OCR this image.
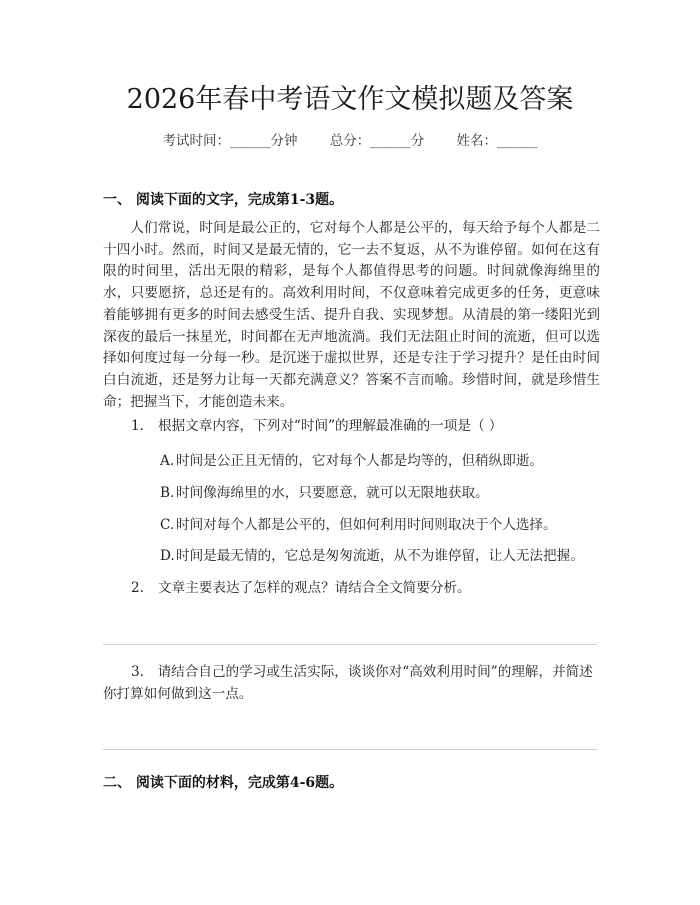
2026年春中考语文作文模拟题及答案
考试时间：______分钟 总分：______分 姓名：______
一、 阅读下面的文字，完成第1-3题。

人们常说，时间是最公正的，它对每个人都是公平的，每天给予每个人都是二十四小时。然而，时间又是最无情的，它一去不复返，从不为谁停留。如何在这有限的时间里，活出无限的精彩，是每个人都值得思考的问题。时间就像海绵里的水，只要愿挤，总还是有的。高效利用时间，不仅意味着完成更多的任务，更意味着能够拥有更多的时间去感受生活、提升自我、实现梦想。从清晨的第一缕阳光到深夜的最后一抹星光，时间都在无声地流淌。我们无法阻止时间的流逝，但可以选择如何度过每一分每一秒。是沉迷于虚拟世界，还是专注于学习提升？是任由时间白白流逝，还是努力让每一天都充满意义？答案不言而喻。珍惜时间，就是珍惜生命；把握当下，才能创造未来。

1. 根据文章内容，下列对“时间”的理解最准确的一项是（ ）
A. 时间是公正且无情的，它对每个人都是均等的，但稍纵即逝。
B. 时间像海绵里的水，只要愿意，就可以无限地获取。
C. 时间对每个人都是公平的，但如何利用时间则取决于个人选择。
D.时间是最无情的，它总是匆匆流逝，从不为谁停留，让人无法把握。
2. 文章主要表达了怎样的观点？请结合全文简要分析。

3.　请结合自己的学习或生活实际，谈谈你对“高效利用时间”的理解，并简述你打算如何做到这一点。

二、 阅读下面的材料，完成第4-6题。
